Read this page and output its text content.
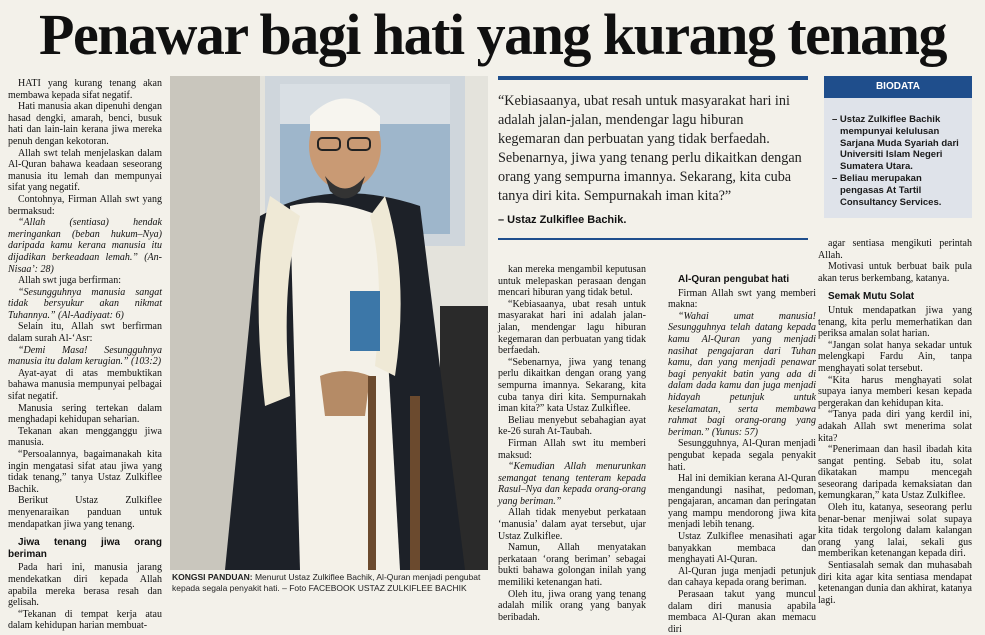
Penawar bagi hati yang kurang tenang

HATI yang kurang tenang akan membawa kepada sifat negatif.

Hati manusia akan dipenuhi dengan hasad dengki, amarah, benci, busuk hati dan lain-lain kerana jiwa mereka penuh dengan kekotoran.

Allah swt telah menjelaskan dalam Al-Quran bahawa keadaan seseorang manusia itu lemah dan mempunyai sifat yang negatif.

Contohnya, Firman Allah swt yang bermaksud:

“Allah (sentiasa) hendak meringankan (beban hukum–Nya) daripada kamu kerana manusia itu dijadikan berkeadaan lemah.” (An-Nisaa’: 28)

Allah swt juga berfirman:

“Sesungguhnya manusia sangat tidak bersyukur akan nikmat Tuhannya.” (Al-Aadiyaat: 6)

Selain itu, Allah swt berfirman dalam surah Al-‘Asr:

“Demi Masa! Sesungguhnya manusia itu dalam kerugian.” (103:2)

Ayat-ayat di atas membuktikan bahawa manusia mempunyai pelbagai sifat negatif.

Manusia sering tertekan dalam menghadapi kehidupan seharian.

Tekanan akan mengganggu jiwa manusia.

“Persoalannya, bagaimanakah kita ingin mengatasi sifat atau jiwa yang tidak tenang,” tanya Ustaz Zulkiflee Bachik.

Berikut Ustaz Zulkiflee menyenaraikan panduan untuk mendapatkan jiwa yang tenang.

Jiwa tenang jiwa orang beriman

Pada hari ini, manusia jarang mendekatkan diri kepada Allah apabila mereka berasa resah dan gelisah.

“Tekanan di tempat kerja atau dalam kehidupan harian membuat-

KONGSI PANDUAN: Menurut Ustaz Zulkiflee Bachik, Al-Quran menjadi pengubat kepada segala penyakit hati. – Foto FACEBOOK USTAZ ZULKIFLEE BACHIK
“Kebiasaanya, ubat resah untuk masyarakat hari ini adalah jalan-jalan, mendengar lagu hiburan kegemaran dan perbuatan yang tidak berfaedah. Sebenarnya, jiwa yang tenang perlu dikaitkan dengan orang yang sempurna imannya. Sekarang, kita cuba tanya diri kita. Sempurnakah iman kita?”
– Ustaz Zulkiflee Bachik.

kan mereka mengambil keputusan untuk melepaskan perasaan dengan mencari hiburan yang tidak betul.

“Kebiasaanya, ubat resah untuk masyarakat hari ini adalah jalan-jalan, mendengar lagu hiburan kegemaran dan perbuatan yang tidak berfaedah.

“Sebenarnya, jiwa yang tenang perlu dikaitkan dengan orang yang sempurna imannya. Sekarang, kita cuba tanya diri kita. Sempurnakah iman kita?” kata Ustaz Zulkiflee.

Beliau menyebut sebahagian ayat ke-26 surah At-Taubah.

Firman Allah swt itu memberi maksud:

“Kemudian Allah menurunkan semangat tenang tenteram kepada Rasul–Nya dan kepada orang-orang yang beriman.”

Allah tidak menyebut perkataan ‘manusia’ dalam ayat tersebut, ujar Ustaz Zulkiflee.

Namun, Allah menyatakan perkataan ‘orang beriman’ sebagai bukti bahawa golongan inilah yang memiliki ketenangan hati.

Oleh itu, jiwa orang yang tenang adalah milik orang yang banyak beribadah.

Al-Quran pengubat hati

Firman Allah swt yang memberi makna:

“Wahai umat manusia! Sesungguhnya telah datang kepada kamu Al-Quran yang menjadi nasihat pengajaran dari Tuhan kamu, dan yang menjadi penawar bagi penyakit batin yang ada di dalam dada kamu dan juga menjadi hidayah petunjuk untuk keselamatan, serta membawa rahmat bagi orang-orang yang beriman.” (Yunus: 57)

Sesungguhnya, Al-Quran menjadi pengubat kepada segala penyakit hati.

Hal ini demikian kerana Al-Quran mengandungi nasihat, pedoman, pengajaran, ancaman dan peringatan yang mampu mendorong jiwa kita menjadi lebih tenang.

Ustaz Zulkiflee menasihati agar banyakkan membaca dan menghayati Al-Quran.

Al-Quran juga menjadi petunjuk dan cahaya kepada orang beriman.

Perasaan takut yang muncul dalam diri manusia apabila membaca Al-Quran akan memacu diri

BIODATA
– Ustaz Zulkiflee Bachik mempunyai kelulusan Sarjana Muda Syariah dari Universiti Islam Negeri Sumatera Utara.
– Beliau merupakan pengasas At Tartil Consultancy Services.

agar sentiasa mengikuti perintah Allah.

Motivasi untuk berbuat baik pula akan terus berkembang, katanya.

Semak Mutu Solat

Untuk mendapatkan jiwa yang tenang, kita perlu memerhatikan dan periksa amalan solat harian.

“Jangan solat hanya sekadar untuk melengkapi Fardu Ain, tanpa menghayati solat tersebut.

“Kita harus menghayati solat supaya ianya memberi kesan kepada pergerakan dan kehidupan kita.

“Tanya pada diri yang kerdil ini, adakah Allah swt menerima solat kita?

“Penerimaan dan hasil ibadah kita sangat penting. Sebab itu, solat dikatakan mampu mencegah seseorang daripada kemaksiatan dan kemungkaran,” kata Ustaz Zulkiflee.

Oleh itu, katanya, seseorang perlu benar-benar menjiwai solat supaya kita tidak tergolong dalam kalangan orang yang lalai, sekali gus memberikan ketenangan kepada diri.

Sentiasalah semak dan muhasabah diri kita agar kita sentiasa mendapat ketenangan dunia dan akhirat, katanya lagi.
